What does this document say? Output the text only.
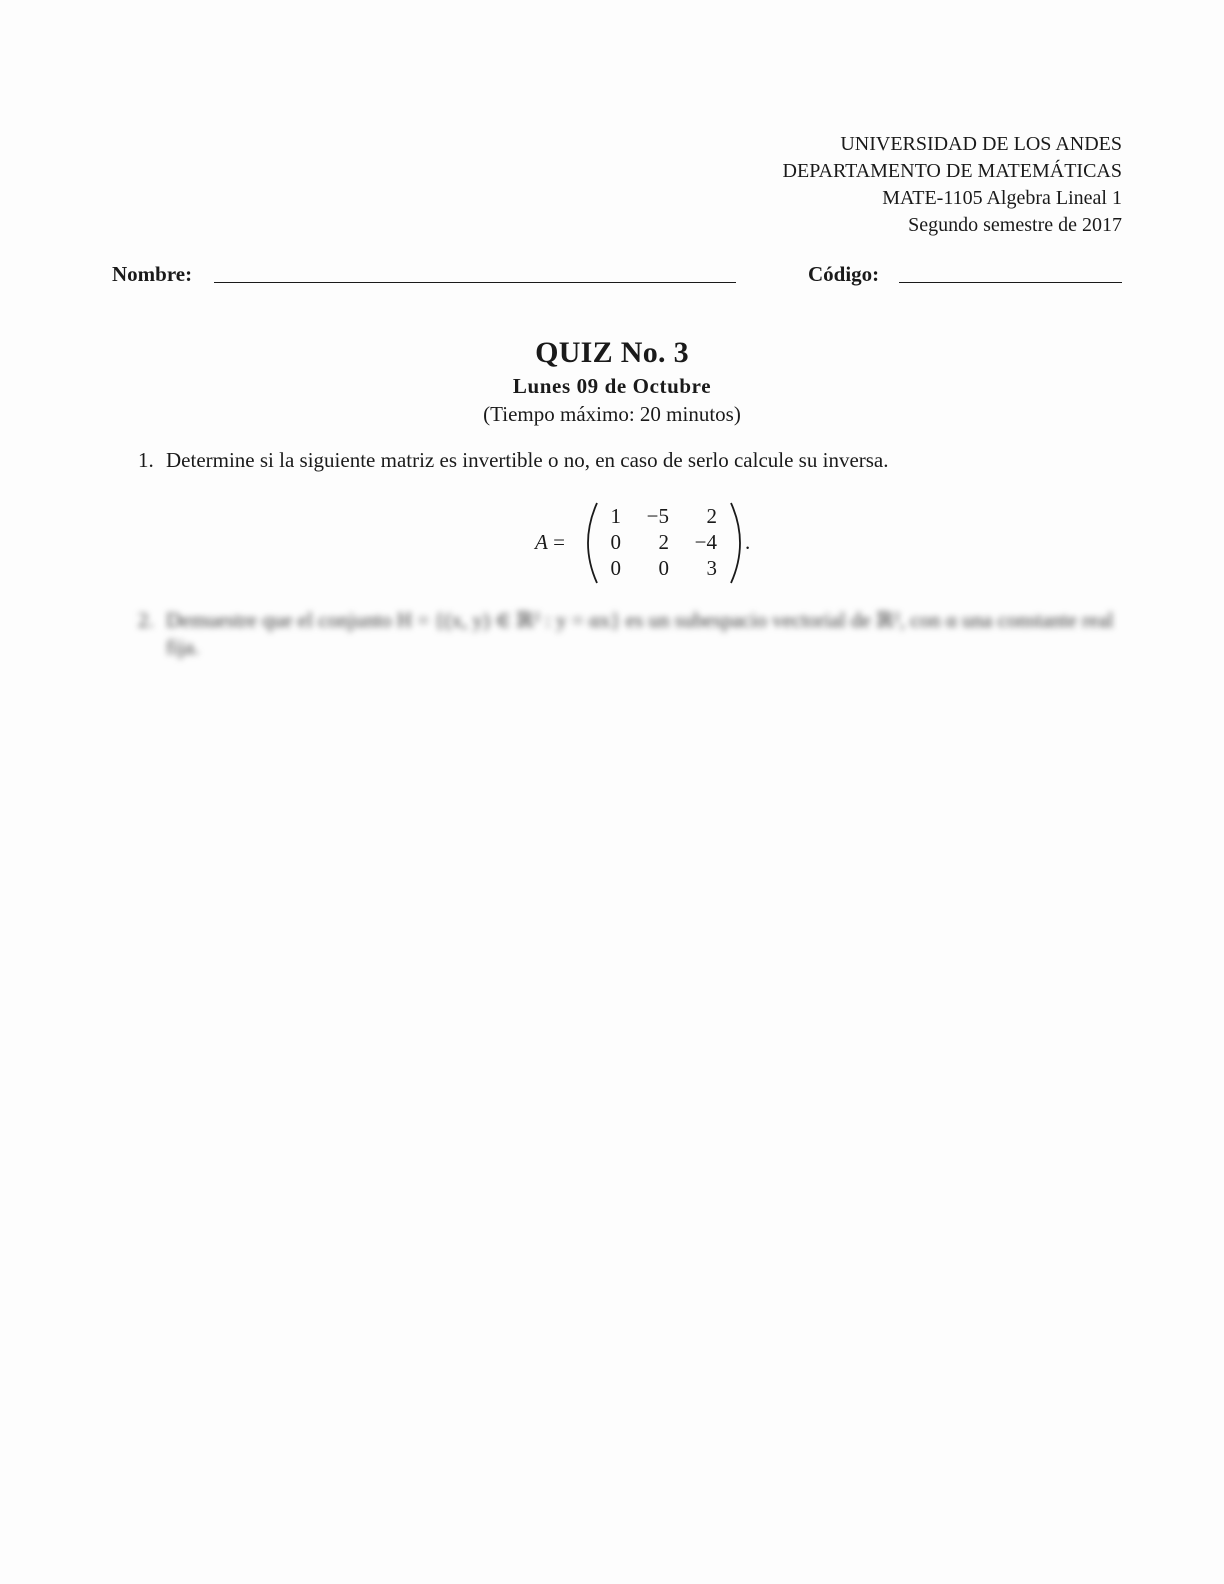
UNIVERSIDAD DE LOS ANDES
DEPARTAMENTO DE MATEMÁTICAS
MATE-1105 Algebra Lineal 1
Segundo semestre de 2017
Nombre:	Código:
QUIZ No. 3
Lunes 09 de Octubre
(Tiempo máximo: 20 minutos)
1. Determine si la siguiente matriz es invertible o no, en caso de serlo calcule su inversa.
A =
1	−5	2
0	2	−4
0	0	3
.
2. Demuestre que el conjunto H = {(x, y) ∈ ℝ² : y = αx} es un subespacio vectorial de ℝ², con α una constante real fija.
